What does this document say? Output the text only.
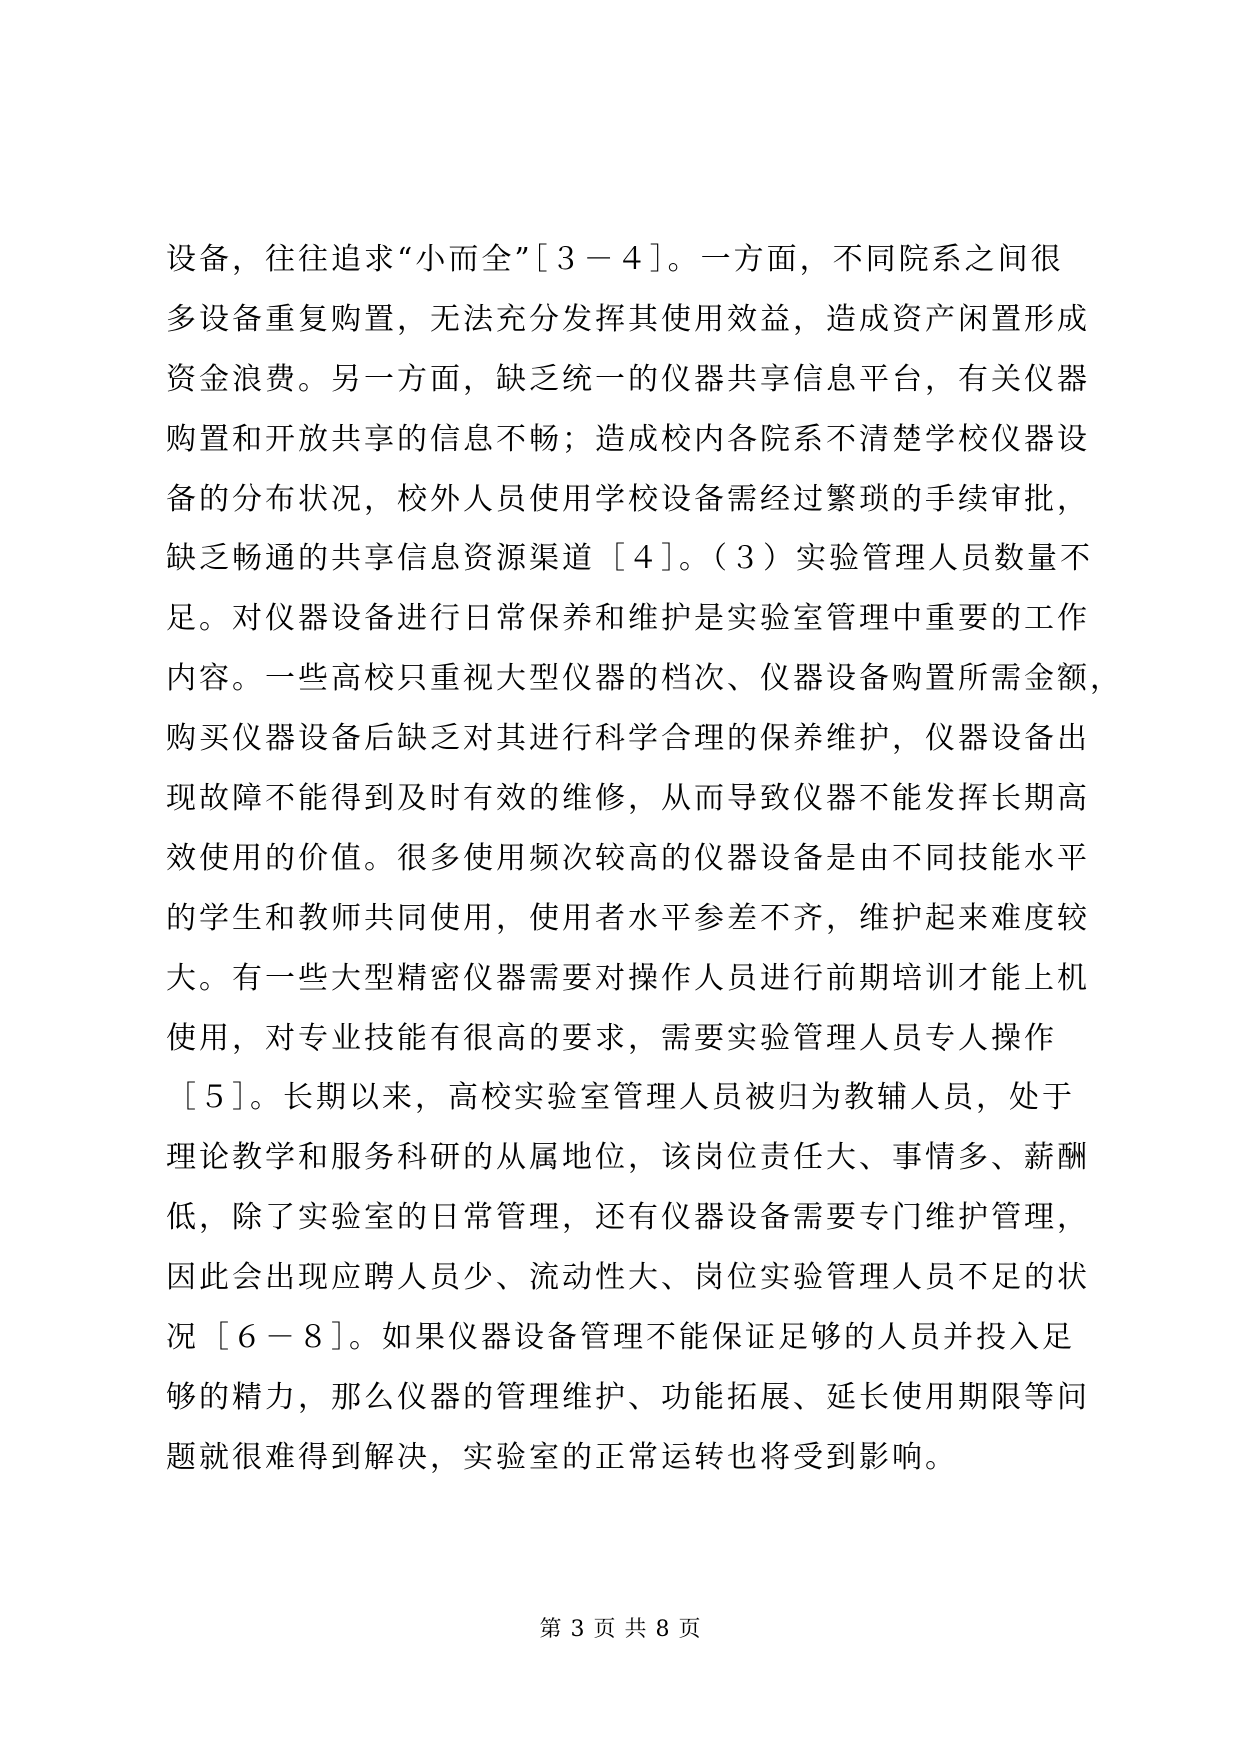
设备，往往追求“小而全”［３－４］。一方面，不同院系之间很
多设备重复购置，无法充分发挥其使用效益，造成资产闲置形成
资金浪费。另一方面，缺乏统一的仪器共享信息平台，有关仪器
购置和开放共享的信息不畅；造成校内各院系不清楚学校仪器设
备的分布状况，校外人员使用学校设备需经过繁琐的手续审批，
缺乏畅通的共享信息资源渠道［４］。（３）实验管理人员数量不
足。对仪器设备进行日常保养和维护是实验室管理中重要的工作
内容。一些高校只重视大型仪器的档次、仪器设备购置所需金额，
购买仪器设备后缺乏对其进行科学合理的保养维护，仪器设备出
现故障不能得到及时有效的维修，从而导致仪器不能发挥长期高
效使用的价值。很多使用频次较高的仪器设备是由不同技能水平
的学生和教师共同使用，使用者水平参差不齐，维护起来难度较
大。有一些大型精密仪器需要对操作人员进行前期培训才能上机
使用，对专业技能有很高的要求，需要实验管理人员专人操作
［５］。长期以来，高校实验室管理人员被归为教辅人员，处于
理论教学和服务科研的从属地位，该岗位责任大、事情多、薪酬
低，除了实验室的日常管理，还有仪器设备需要专门维护管理，
因此会出现应聘人员少、流动性大、岗位实验管理人员不足的状
况［６－８］。如果仪器设备管理不能保证足够的人员并投入足
够的精力，那么仪器的管理维护、功能拓展、延长使用期限等问
题就很难得到解决，实验室的正常运转也将受到影响。
第 3 页 共 8 页
